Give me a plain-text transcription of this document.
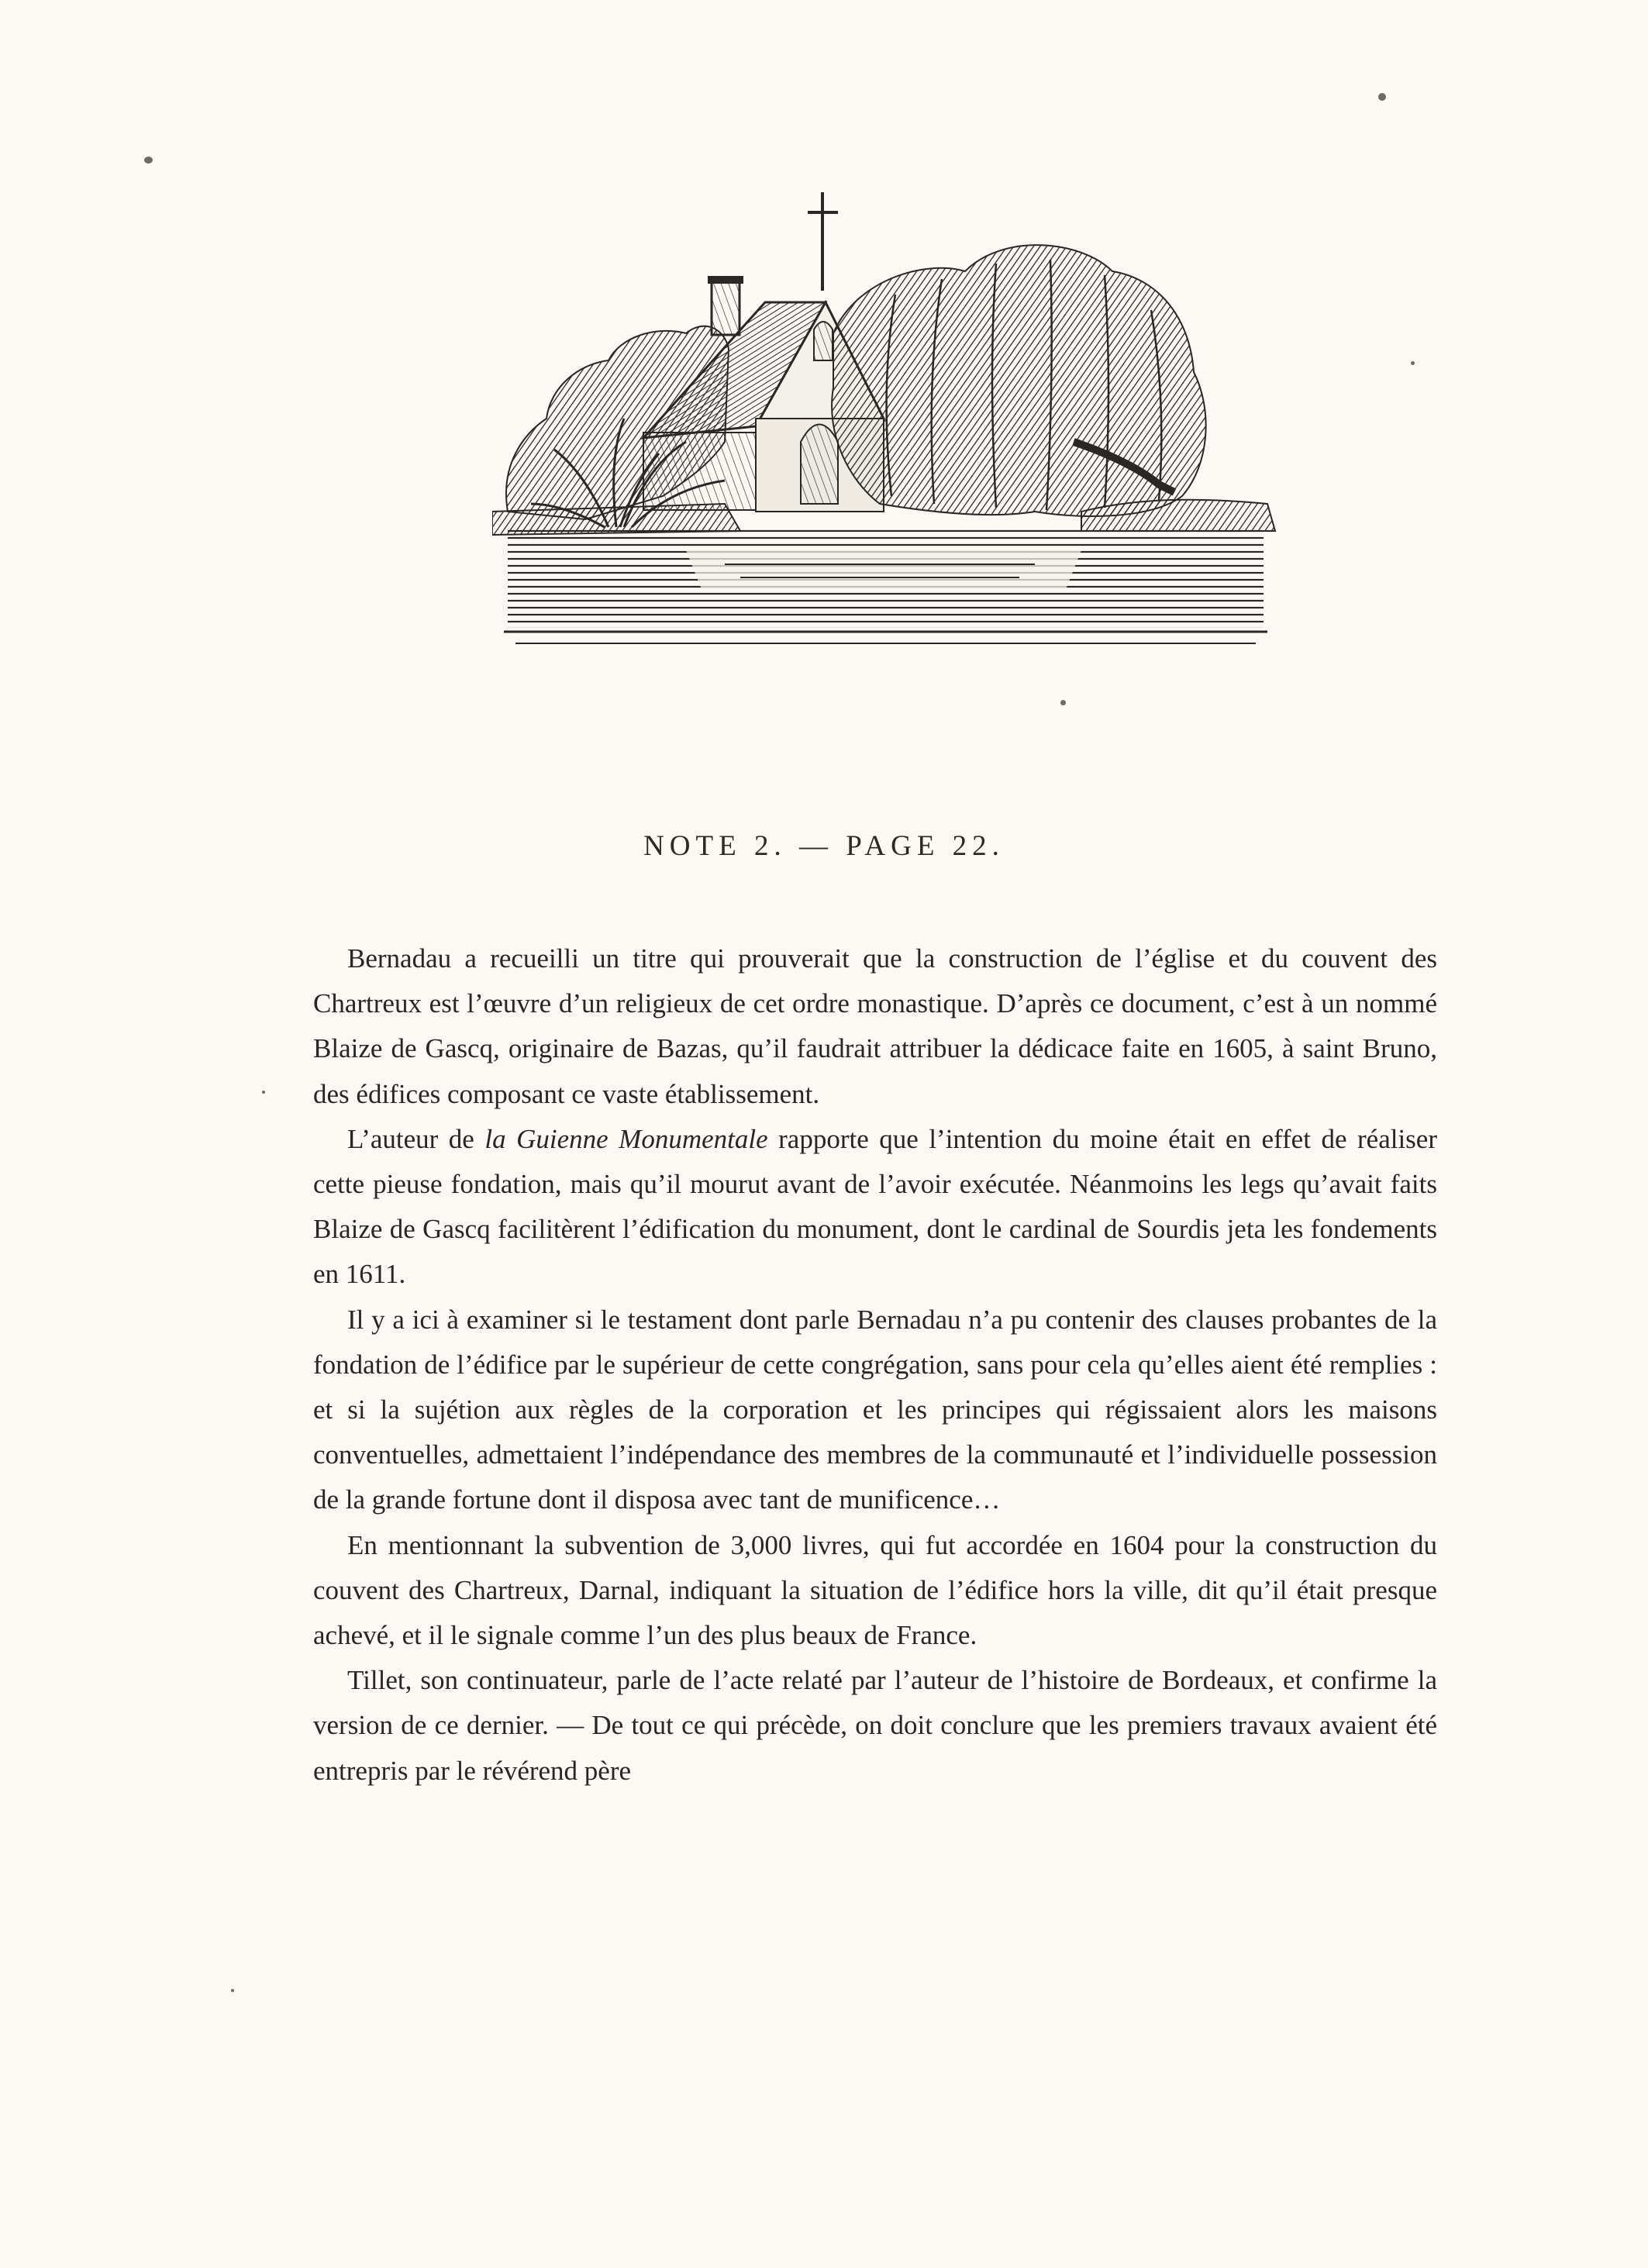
NOTE 2. — PAGE 22.

Bernadau a recueilli un titre qui prouverait que la construction de l’église et du couvent des Chartreux est l’œuvre d’un religieux de cet ordre monastique. D’après ce document, c’est à un nommé Blaize de Gascq, originaire de Bazas, qu’il faudrait attribuer la dédicace faite en 1605, à saint Bruno, des édifices composant ce vaste établissement.

L’auteur de la Guienne Monumentale rapporte que l’intention du moine était en effet de réaliser cette pieuse fondation, mais qu’il mourut avant de l’avoir exécutée. Néanmoins les legs qu’avait faits Blaize de Gascq facilitèrent l’édification du monument, dont le cardinal de Sourdis jeta les fondements en 1611.

Il y a ici à examiner si le testament dont parle Bernadau n’a pu contenir des clauses probantes de la fondation de l’édifice par le supérieur de cette congrégation, sans pour cela qu’elles aient été remplies : et si la sujétion aux règles de la corporation et les principes qui régissaient alors les maisons conventuelles, admettaient l’indépendance des membres de la communauté et l’individuelle possession de la grande fortune dont il disposa avec tant de munificence…

En mentionnant la subvention de 3,000 livres, qui fut accordée en 1604 pour la construction du couvent des Chartreux, Darnal, indiquant la situation de l’édifice hors la ville, dit qu’il était presque achevé, et il le signale comme l’un des plus beaux de France.

Tillet, son continuateur, parle de l’acte relaté par l’auteur de l’histoire de Bordeaux, et confirme la version de ce dernier. — De tout ce qui précède, on doit conclure que les premiers travaux avaient été entrepris par le révérend père
